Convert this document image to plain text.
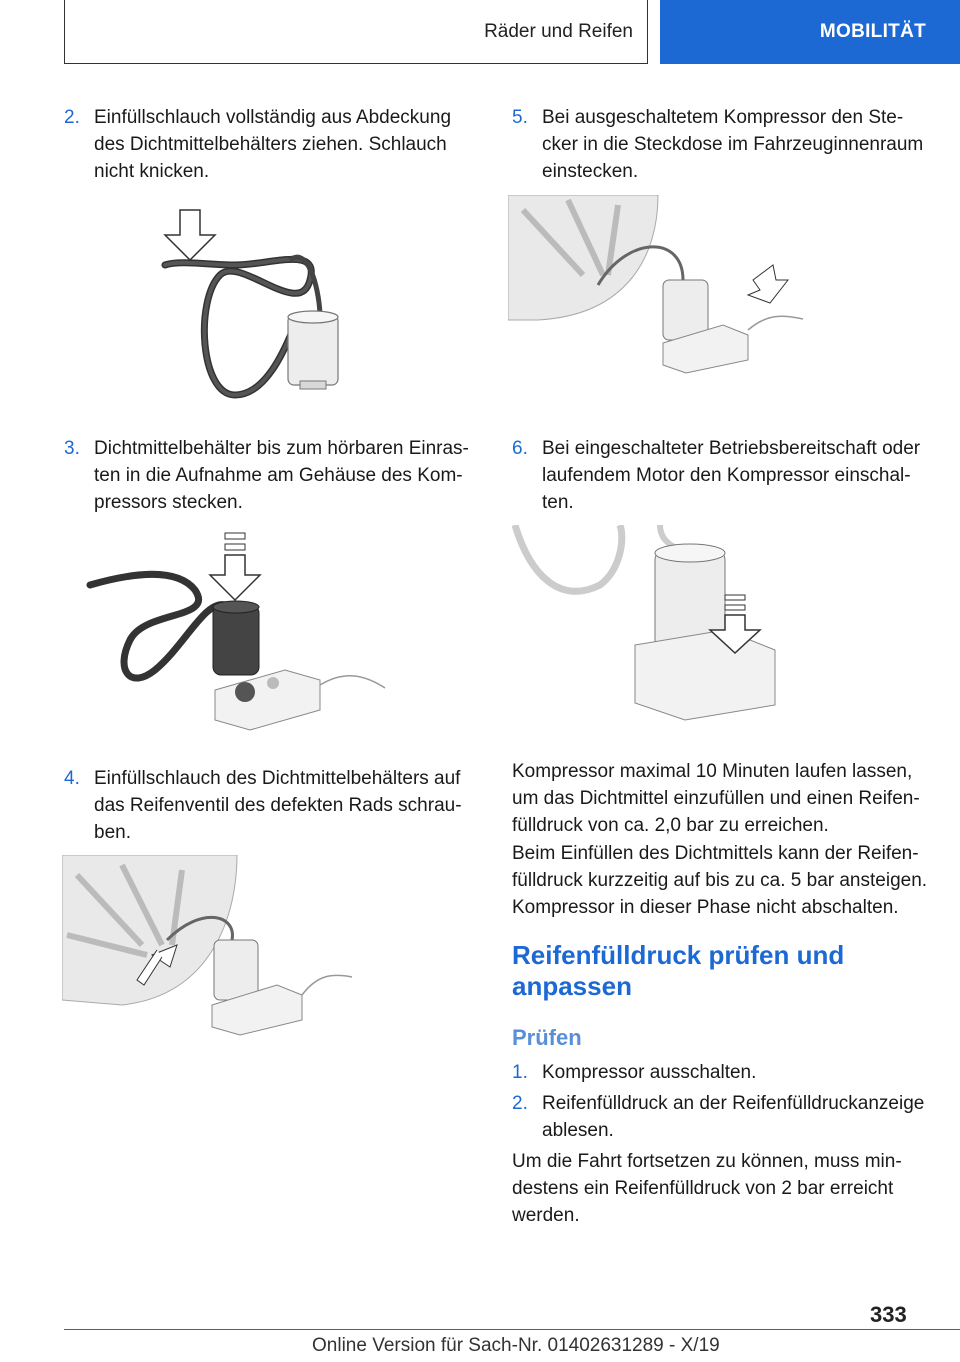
Räder und Reifen	MOBILITÄT
2. Einfüllschlauch vollständig aus Abdeckung
des Dichtmittelbehälters ziehen. Schlauch
nicht knicken.
3. Dichtmittelbehälter bis zum hörbaren Einras‐
ten in die Aufnahme am Gehäuse des Kom‐
pressors stecken.
4. Einfüllschlauch des Dichtmittelbehälters auf
das Reifenventil des defekten Rads schrau‐
ben.
5. Bei ausgeschaltetem Kompressor den Ste‐
cker in die Steckdose im Fahrzeuginnenraum
einstecken.
6. Bei eingeschalteter Betriebsbereitschaft oder
laufendem Motor den Kompressor einschal‐
ten.
Kompressor maximal 10 Minuten laufen lassen,
um das Dichtmittel einzufüllen und einen Reifen‐
fülldruck von ca. 2,0 bar zu erreichen.
Beim Einfüllen des Dichtmittels kann der Reifen‐
fülldruck kurzzeitig auf bis zu ca. 5 bar ansteigen.
Kompressor in dieser Phase nicht abschalten.
Reifenfülldruck prüfen und
anpassen
Prüfen
1. Kompressor ausschalten.
2. Reifenfülldruck an der Reifenfülldruckanzeige
ablesen.
Um die Fahrt fortsetzen zu können, muss min‐
destens ein Reifenfülldruck von 2 bar erreicht
werden.
333
Online Version für Sach-Nr. 01402631289 - X/19
